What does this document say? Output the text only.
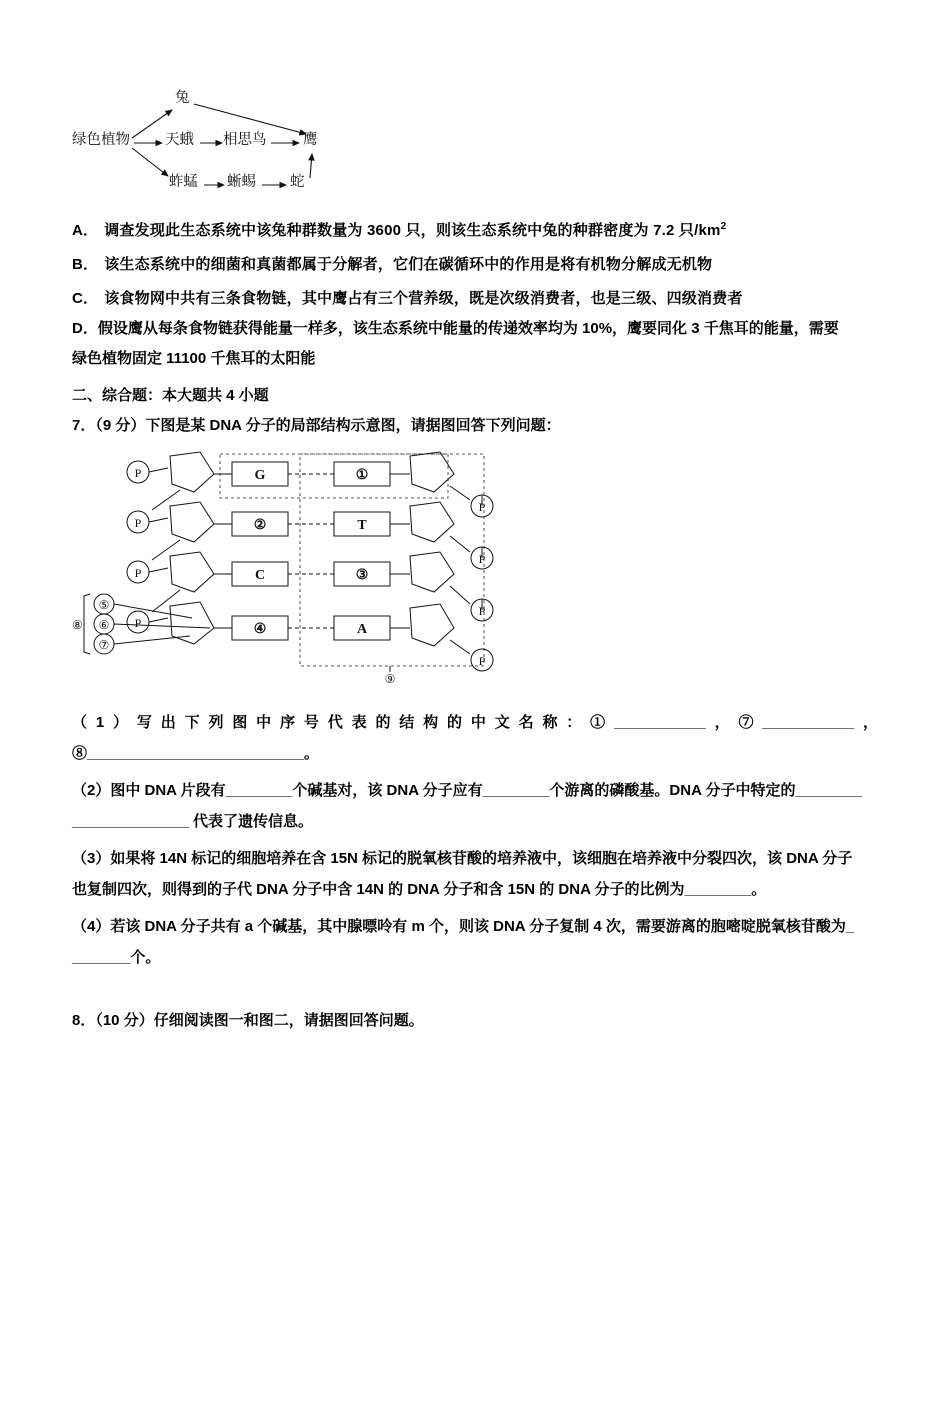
绿色植物
兔
天蛾 相思鸟	鹰
蚱蜢 蜥蜴 蛇
A． 调查发现此生态系统中该兔种群数量为 3600 只，则该生态系统中兔的种群密度为 7.2 只$/km^2$
B． 该生态系统中的细菌和真菌都属于分解者，它们在碳循环中的作用是将有机物分解成无机物
C． 该食物网中共有三条食物链，其中鹰占有三个营养级，既是次级消费者，也是三级、四级消费者
D．假设鹰从每条食物链获得能量一样多，该生态系统中能量的传递效率均为 10%，鹰要同化 3 千焦耳的能量，需要
绿色植物固定 11100 千焦耳的太阳能
二、综合题：本大题共 4 小题
7．（9 分）下图是某 DNA 分子的局部结构示意图，请据图回答下列问题：
P	G
P	②
P	C
P	④
①
P
T
P
③
P
A
P
⑤
⑥
⑦
⑧
⑨
（1）写出下列图中序号代表的结构的中文名称：①___________，⑦___________，⑧__________________________。
（2）图中 DNA 片段有________个碱基对，该 DNA 分子应有________个游离的磷酸基。DNA 分子中特定的________
______________ 代表了遗传信息。
（3）如果将 14N 标记的细胞培养在含 15N 标记的脱氧核苷酸的培养液中，该细胞在培养液中分裂四次，该 DNA 分子
也复制四次，则得到的子代 DNA 分子中含 14N 的 DNA 分子和含 15N 的 DNA 分子的比例为________。
（4）若该 DNA 分子共有 a 个碱基，其中腺嘌呤有 m 个，则该 DNA 分子复制 4 次，需要游离的胞嘧啶脱氧核苷酸为_
_______个。
8．（10 分）仔细阅读图一和图二，请据图回答问题。
